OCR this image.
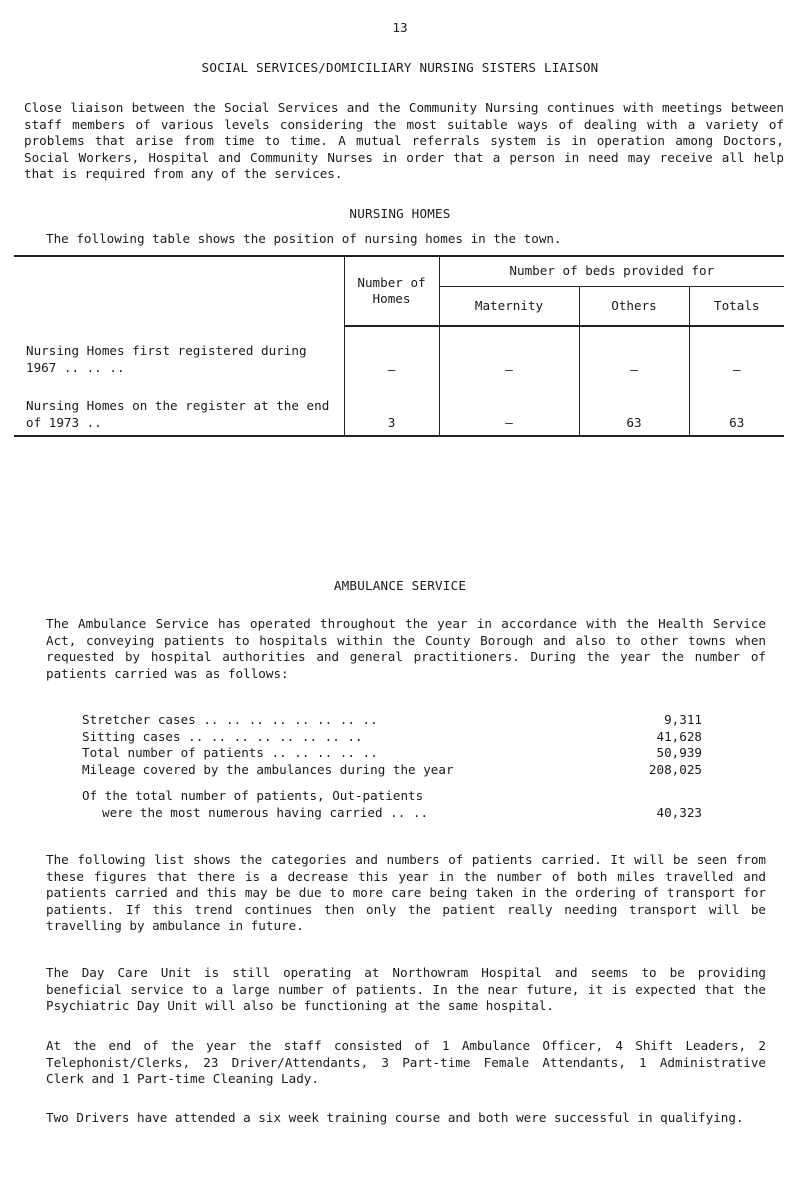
13
SOCIAL SERVICES/DOMICILIARY NURSING SISTERS LIAISON

Close liaison between the Social Services and the Community Nursing continues with meetings between staff members of various levels considering the most suitable ways of dealing with a variety of problems that arise from time to time. A mutual referrals system is in operation among Doctors, Social Workers, Hospital and Community Nurses in order that a person in need may receive all help that is required from any of the services.

NURSING HOMES
The following table shows the position of nursing homes in the town.
	Number of Homes	Number of beds provided for		
		Maternity	Others	Totals
Nursing Homes first registered during 1967 .. .. ..	–	–	–	–
Nursing Homes on the register at the end of 1973 ..	3	–	63	63
AMBULANCE SERVICE
The Ambulance Service has operated throughout the year in accordance with the Health Service Act, conveying patients to hospitals within the County Borough and also to other towns when requested by hospital authorities and general practitioners. During the year the number of patients carried was as follows:
Stretcher cases .. .. .. .. .. .. .. ..	9,311
Sitting cases .. .. .. .. .. .. .. ..	41,628
Total number of patients .. .. .. .. ..	50,939
Mileage covered by the ambulances during the year	208,025
Of the total number of patients, Out-patients
were the most numerous having carried .. ..	40,323
The following list shows the categories and numbers of patients carried. It will be seen from these figures that there is a decrease this year in the number of both miles travelled and patients carried and this may be due to more care being taken in the ordering of transport for patients. If this trend continues then only the patient really needing transport will be travelling by ambulance in future.
The Day Care Unit is still operating at Northowram Hospital and seems to be providing beneficial service to a large number of patients. In the near future, it is expected that the Psychiatric Day Unit will also be functioning at the same hospital.
At the end of the year the staff consisted of 1 Ambulance Officer, 4 Shift Leaders, 2 Telephonist/Clerks, 23 Driver/Attendants, 3 Part-time Female Attendants, 1 Administrative Clerk and 1 Part-time Cleaning Lady.
Two Drivers have attended a six week training course and both were successful in qualifying.
